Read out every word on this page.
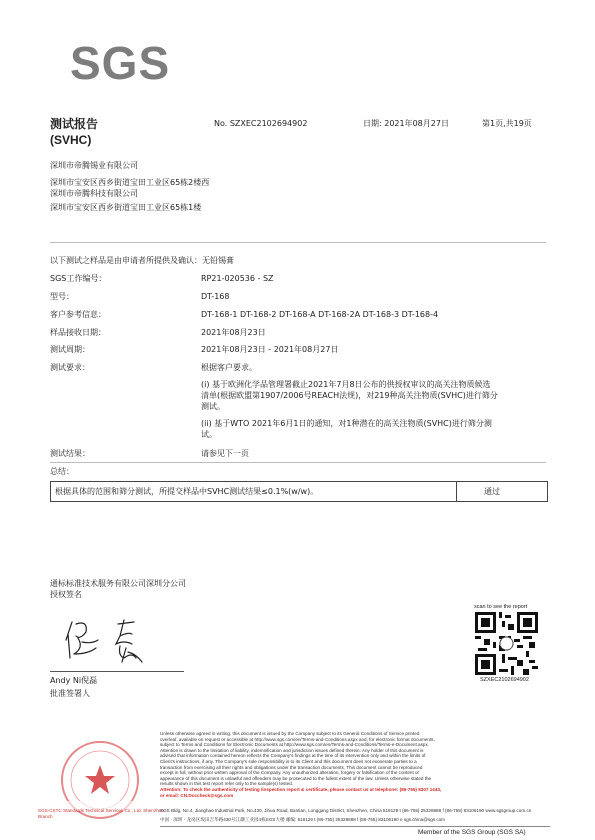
SGS
测试报告
(SVHC)
No. SZXEC2102694902	日期: 2021年08月27日	第1页,共19页
深圳市帝腾锡业有限公司
深圳市宝安区西乡街道宝田工业区65栋2楼西
深圳市帝腾科技有限公司
深圳市宝安区西乡街道宝田工业区65栋1楼
以下测试之样品是由申请者所提供及确认：无铅锡膏
SGS工作编号：	RP21-020536 - SZ
型号：	DT-168
客户参考信息：	DT-168-1 DT-168-2 DT-168-A DT-168-2A DT-168-3 DT-168-4
样品接收日期：	2021年08月23日
测试周期：	2021年08月23日 - 2021年08月27日
测试要求：	根据客户要求。
(i) 基于欧洲化学品管理署截止2021年7月8日公布的供授权审议的高关注物质候选
清单(根据欧盟第1907/2006号REACH法规)，对219种高关注物质(SVHC)进行筛分
测试。
(ii) 基于WTO 2021年6月1日的通知，对1种潜在的高关注物质(SVHC)进行筛分测
试。
测试结果：	请参见下一页
总结：
根据具体的范围和筛分测试，所提交样品中SVHC测试结果≤0.1%(w/w)。	通过
通标标准技术服务有限公司深圳分公司
授权签名
Andy Ni倪磊
批准签署人
scan to see the report
SZXEC2102694902
SGS-CSTC Standards Technical Services Co., Ltd. Shenzhen Branch
Unless otherwise agreed in writing, this document is issued by the Company subject to its General Conditions of Service printed
overleaf, available on request or accessible at http://www.sgs.com/en/Terms-and-Conditions.aspx and, for electronic format documents,
subject to Terms and Conditions for Electronic Documents at http://www.sgs.com/en/Terms-and-Conditions/Terms-e-Document.aspx.
Attention is drawn to the limitation of liability, indemnification and jurisdiction issues defined therein. Any holder of this document is
advised that information contained hereon reflects the Company's findings at the time of its intervention only and within the limits of
Client's instructions, if any. The Company's sole responsibility is to its Client and this document does not exonerate parties to a
transaction from exercising all their rights and obligations under the transaction documents. This document cannot be reproduced
except in full, without prior written approval of the Company. Any unauthorized alteration, forgery or falsification of the content or
appearance of this document is unlawful and offenders may be prosecuted to the fullest extent of the law. Unless otherwise stated the
results shown in this test report refer only to the sample(s) tested.
Attention: To check the authenticity of testing /inspection report & certificate, please contact us at telephone: (86-755) 8307 1443,
or email: CN.Doccheck@sgs.com
SGS Bldg, No.4, Jianghao Industrial Park, No.430, Jihua Road, Bantian, Longgang District, Shenzhen, China 518129 t (86-755) 25328888 f (86-755) 83106190 www.sgsgroup.com.cn
中国 · 深圳 · 龙岗区坂田吉华路430号江灏工业园4栋SGS大楼 邮编: 518129 t (86-755) 25328888 f (86-755) 83106190 e sgs.china@sgs.com
Member of the SGS Group (SGS SA)
